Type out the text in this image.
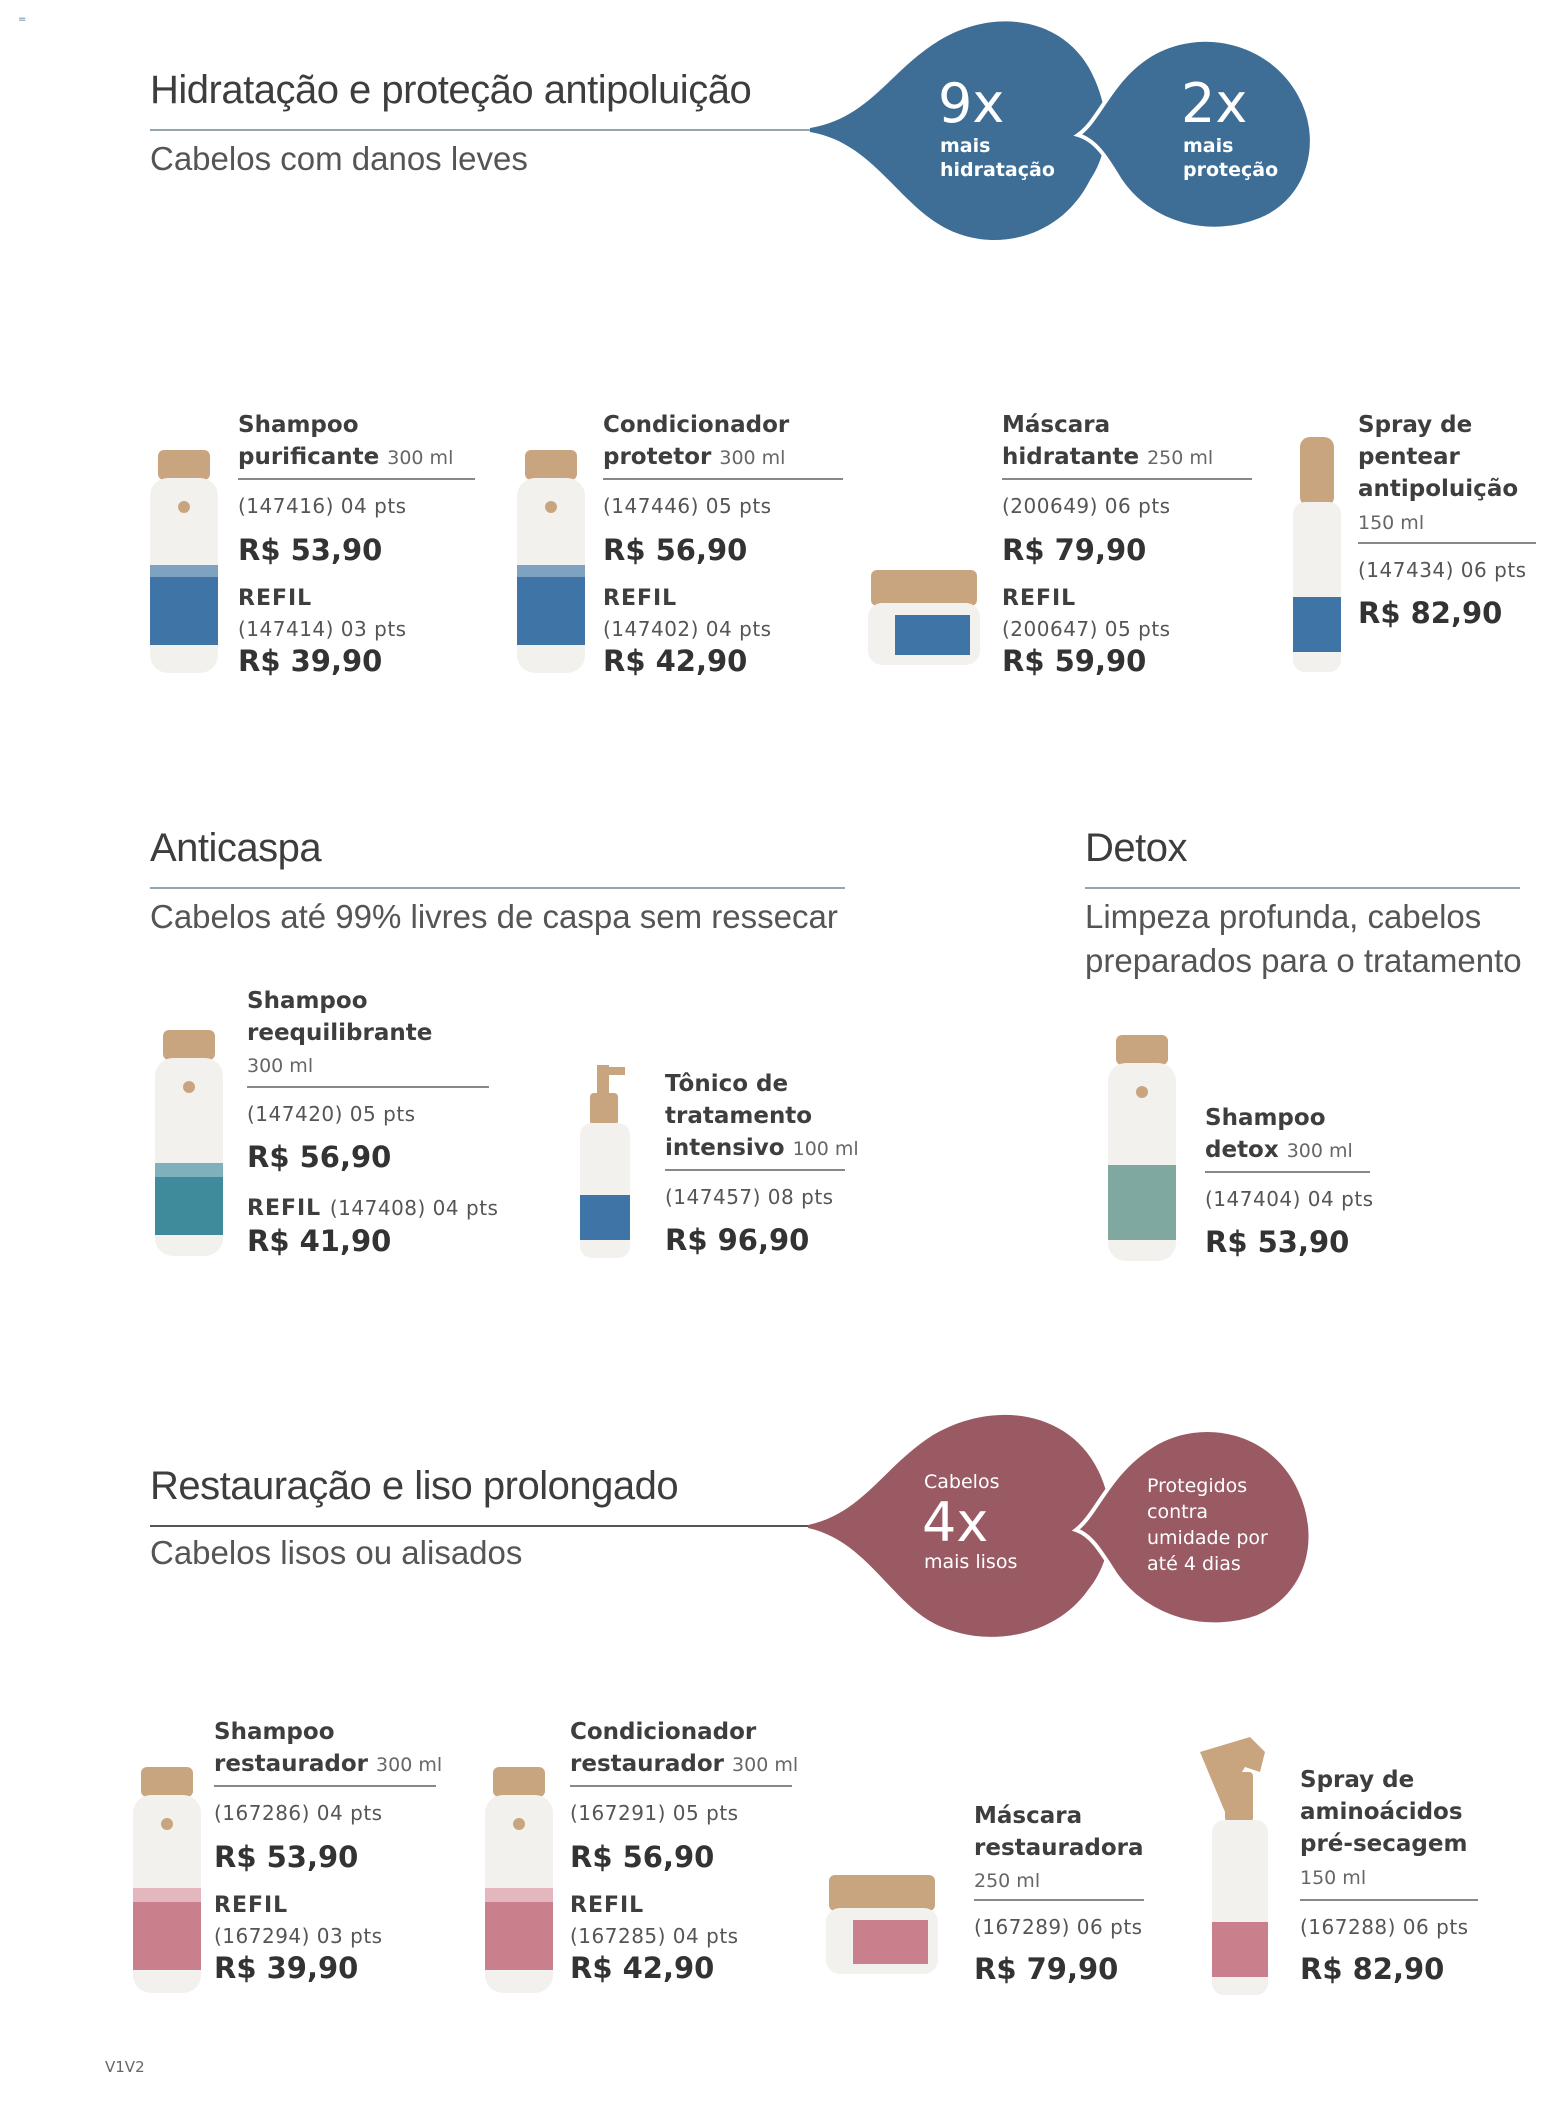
=
Hidratação e proteção antipoluição
Cabelos com danos leves
9x
mais
hidratação
2x
mais
proteção
Shampoo
purificante 300 ml
(147416) 04 pts
R$ 53,90
REFIL
(147414) 03 pts
R$ 39,90
Condicionador
protetor 300 ml
(147446) 05 pts
R$ 56,90
REFIL
(147402) 04 pts
R$ 42,90
Máscara
hidratante 250 ml
(200649) 06 pts
R$ 79,90
REFIL
(200647) 05 pts
R$ 59,90
Spray de
pentear
antipoluição
150 ml
(147434) 06 pts
R$ 82,90
Anticaspa
Cabelos até 99% livres de caspa sem ressecar
Shampoo
reequilibrante
300 ml
(147420) 05 pts
R$ 56,90
REFIL (147408) 04 pts
R$ 41,90
Tônico de
tratamento
intensivo 100 ml
(147457) 08 pts
R$ 96,90
Detox
Limpeza profunda, cabelos
preparados para o tratamento
Shampoo
detox 300 ml
(147404) 04 pts
R$ 53,90
Restauração e liso prolongado
Cabelos lisos ou alisados
Cabelos
4x
mais lisos
Protegidos
contra
umidade por
até 4 dias
Shampoo
restaurador 300 ml
(167286) 04 pts
R$ 53,90
REFIL
(167294) 03 pts
R$ 39,90
Condicionador
restaurador 300 ml
(167291) 05 pts
R$ 56,90
REFIL
(167285) 04 pts
R$ 42,90
Máscara
restauradora
250 ml
(167289) 06 pts
R$ 79,90
Spray de
aminoácidos
pré-secagem
150 ml
(167288) 06 pts
R$ 82,90
V1V2
